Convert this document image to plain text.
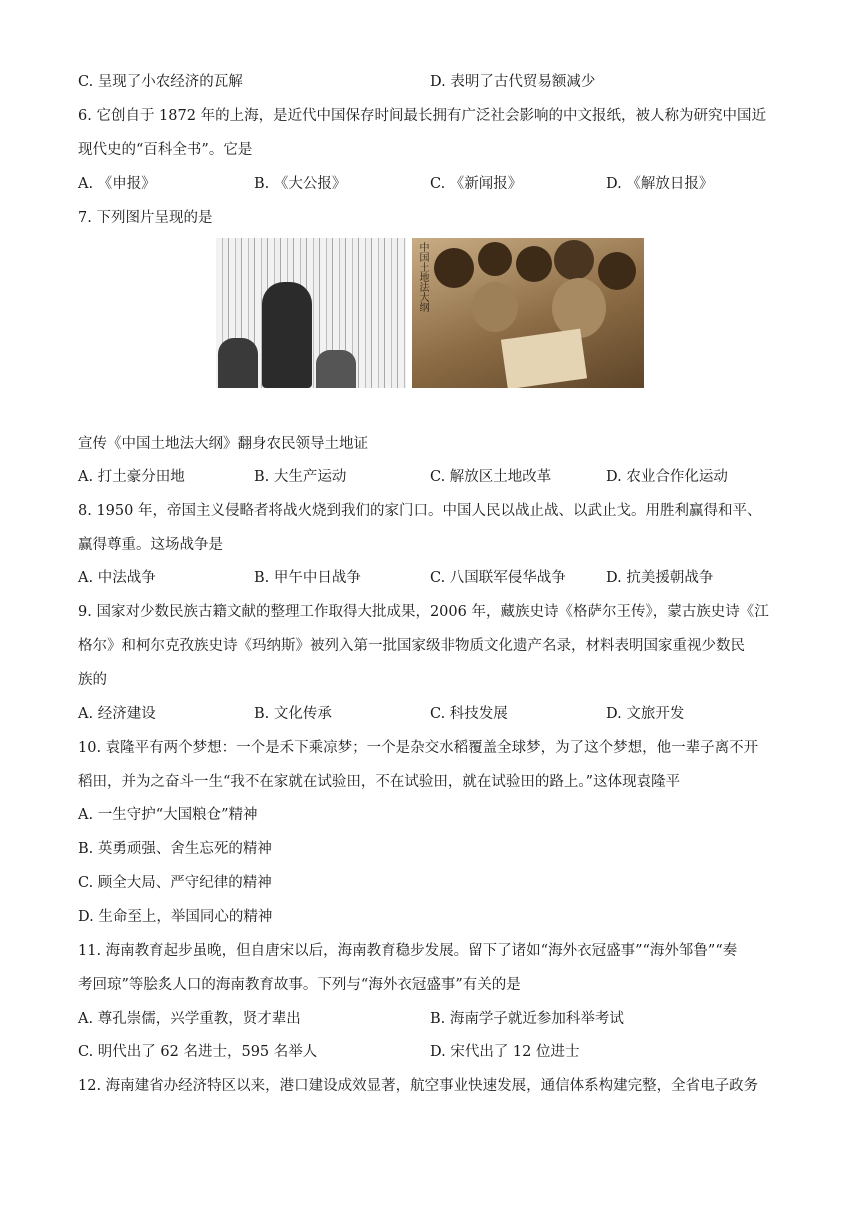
C. 呈现了小农经济的瓦解	D. 表明了古代贸易额减少
6. 它创自于 1872 年的上海，是近代中国保存时间最长拥有广泛社会影响的中文报纸，被人称为研究中国近
现代史的“百科全书”。它是
A. 《申报》	B. 《大公报》	C. 《新闻报》	D. 《解放日报》
7. 下列图片呈现的是
中国土地法大纲
宣传《中国土地法大纲》翻身农民领导土地证
A. 打土豪分田地	B. 大生产运动	C. 解放区土地改革	D. 农业合作化运动
8. 1950 年，帝国主义侵略者将战火烧到我们的家门口。中国人民以战止战、以武止戈。用胜利赢得和平、
赢得尊重。这场战争是
A. 中法战争	B. 甲午中日战争	C. 八国联军侵华战争	D. 抗美援朝战争
9. 国家对少数民族古籍文献的整理工作取得大批成果，2006 年，藏族史诗《格萨尔王传》，蒙古族史诗《江
格尔》和柯尔克孜族史诗《玛纳斯》被列入第一批国家级非物质文化遗产名录，材料表明国家重视少数民
族的
A. 经济建设	B. 文化传承	C. 科技发展	D. 文旅开发
10. 袁隆平有两个梦想：一个是禾下乘凉梦；一个是杂交水稻覆盖全球梦，为了这个梦想，他一辈子离不开
稻田，并为之奋斗一生“我不在家就在试验田，不在试验田，就在试验田的路上。”这体现袁隆平
A. 一生守护“大国粮仓”精神
B. 英勇顽强、舍生忘死的精神
C. 顾全大局、严守纪律的精神
D. 生命至上，举国同心的精神
11. 海南教育起步虽晚，但自唐宋以后，海南教育稳步发展。留下了诸如“海外衣冠盛事”“海外邹鲁”“奏
考回琼”等脍炙人口的海南教育故事。下列与“海外衣冠盛事”有关的是
A. 尊孔崇儒，兴学重教，贤才辈出	B. 海南学子就近参加科举考试
C. 明代出了 62 名进士，595 名举人	D. 宋代出了 12 位进士
12. 海南建省办经济特区以来，港口建设成效显著，航空事业快速发展，通信体系构建完整，全省电子政务
